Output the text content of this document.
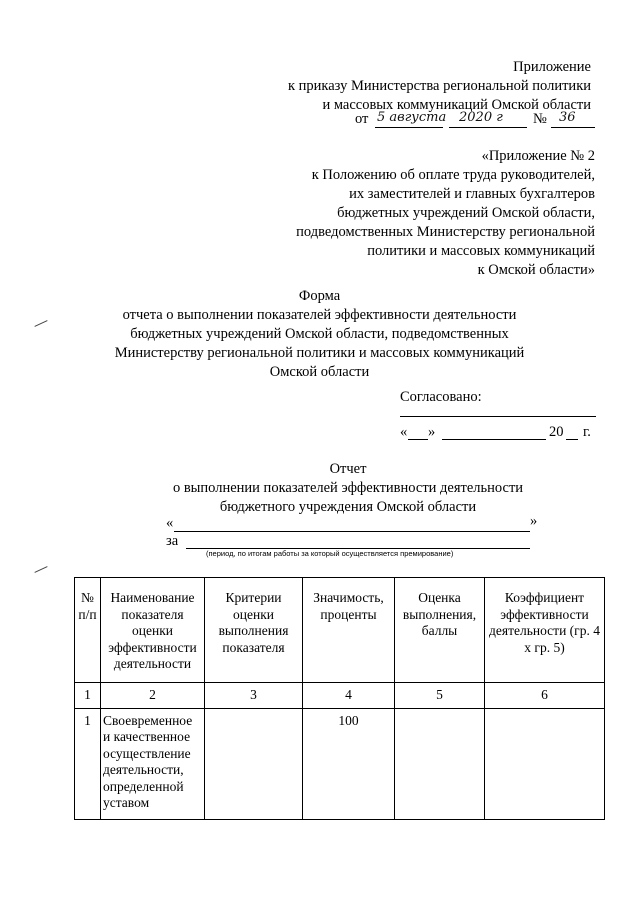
Приложение
к приказу Министерства региональной политики
и массовых коммуникаций Омской области
от 5 августа 2020 г № 36
«Приложение № 2
к Положению об оплате труда руководителей,
их заместителей и главных бухгалтеров
бюджетных учреждений Омской области,
подведомственных Министерству региональной
политики и массовых коммуникаций
к Омской области»
Форма
отчета о выполнении показателей эффективности деятельности
бюджетных учреждений Омской области, подведомственных
Министерству региональной политики и массовых коммуникаций
Омской области
Согласовано:
« »	20 г.
Отчет
о выполнении показателей эффективности деятельности
бюджетного учреждения Омской области
«	»
за
(период, по итогам работы за который осуществляется премирование)
№ п/п	Наименование показателя оценки эффективности деятельности	Критерии оценки выполнения показателя	Значимость, проценты	Оценка выполнения, баллы	Коэффициент эффективности деятельности (гр. 4 х гр. 5)
1	2	3	4	5	6
1	Своевременное и качественное осуществление деятельности, определенной уставом		100		
